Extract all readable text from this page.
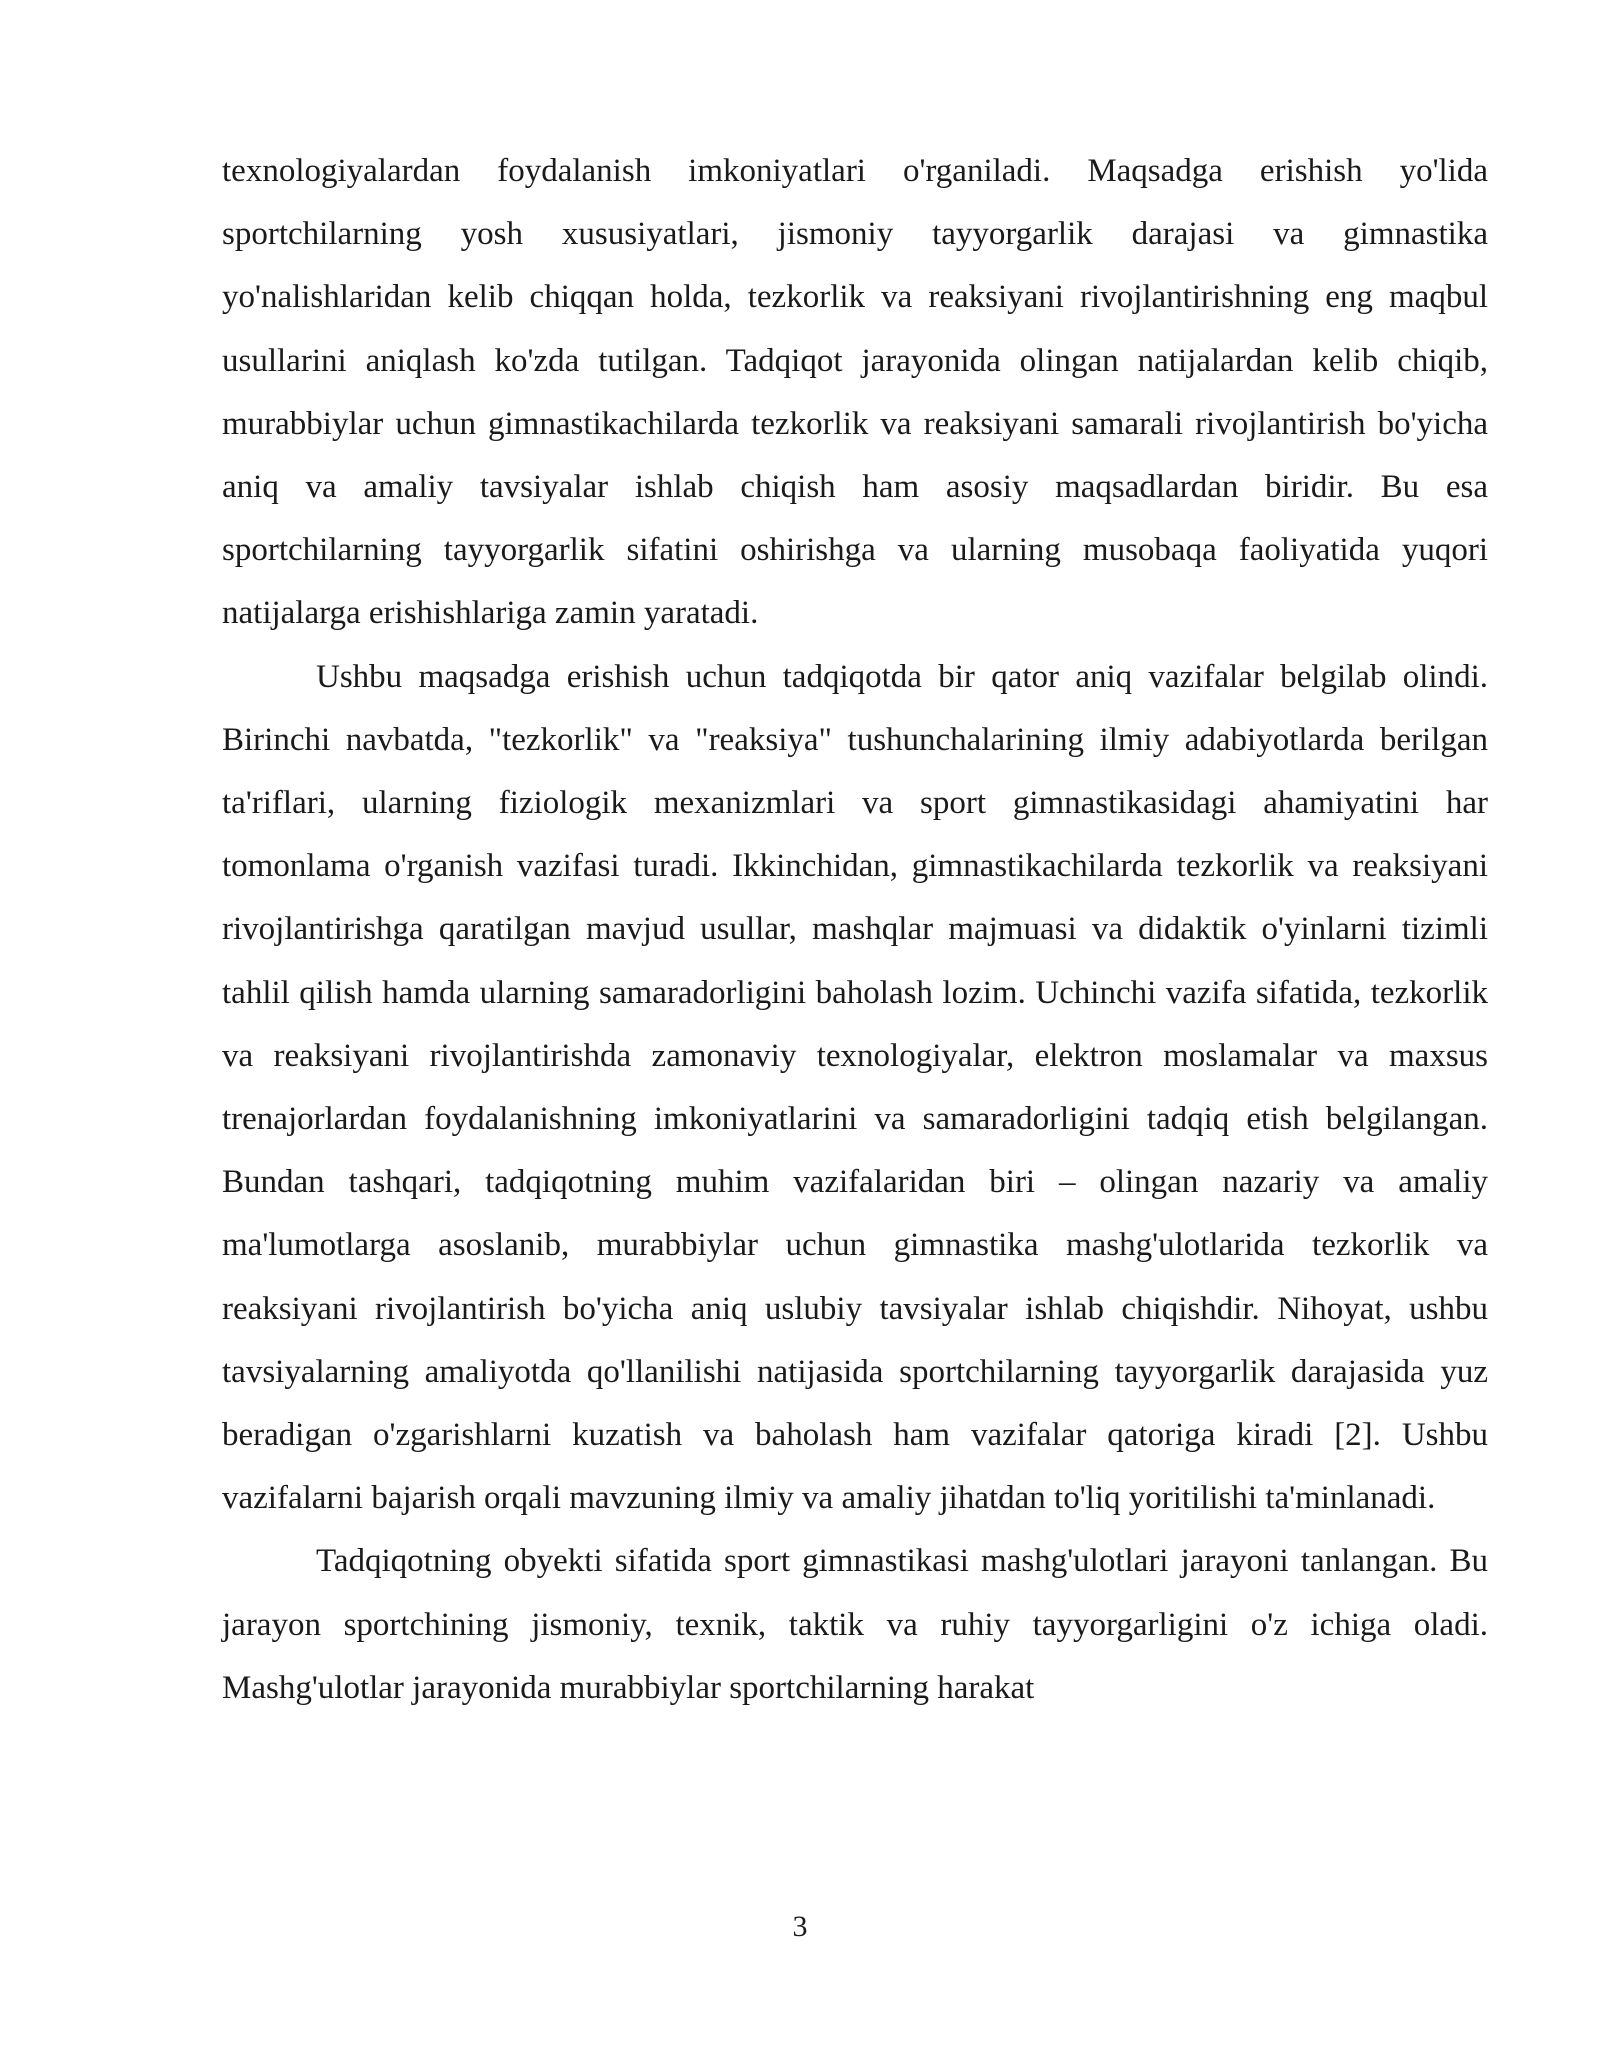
texnologiyalardan foydalanish imkoniyatlari o'rganiladi. Maqsadga erishish yo'lida sportchilarning yosh xususiyatlari, jismoniy tayyorgarlik darajasi va gimnastika yo'nalishlaridan kelib chiqqan holda, tezkorlik va reaksiyani rivojlantirishning eng maqbul usullarini aniqlash ko'zda tutilgan. Tadqiqot jarayonida olingan natijalardan kelib chiqib, murabbiylar uchun gimnastikachilarda tezkorlik va reaksiyani samarali rivojlantirish bo'yicha aniq va amaliy tavsiyalar ishlab chiqish ham asosiy maqsadlardan biridir. Bu esa sportchilarning tayyorgarlik sifatini oshirishga va ularning musobaqa faoliyatida yuqori natijalarga erishishlariga zamin yaratadi.

Ushbu maqsadga erishish uchun tadqiqotda bir qator aniq vazifalar belgilab olindi. Birinchi navbatda, "tezkorlik" va "reaksiya" tushunchalarining ilmiy adabiyotlarda berilgan ta'riflari, ularning fiziologik mexanizmlari va sport gimnastikasidagi ahamiyatini har tomonlama o'rganish vazifasi turadi. Ikkinchidan, gimnastikachilarda tezkorlik va reaksiyani rivojlantirishga qaratilgan mavjud usullar, mashqlar majmuasi va didaktik o'yinlarni tizimli tahlil qilish hamda ularning samaradorligini baholash lozim. Uchinchi vazifa sifatida, tezkorlik va reaksiyani rivojlantirishda zamonaviy texnologiyalar, elektron moslamalar va maxsus trenajorlardan foydalanishning imkoniyatlarini va samaradorligini tadqiq etish belgilangan. Bundan tashqari, tadqiqotning muhim vazifalaridan biri – olingan nazariy va amaliy ma'lumotlarga asoslanib, murabbiylar uchun gimnastika mashg'ulotlarida tezkorlik va reaksiyani rivojlantirish bo'yicha aniq uslubiy tavsiyalar ishlab chiqishdir. Nihoyat, ushbu tavsiyalarning amaliyotda qo'llanilishi natijasida sportchilarning tayyorgarlik darajasida yuz beradigan o'zgarishlarni kuzatish va baholash ham vazifalar qatoriga kiradi [2]. Ushbu vazifalarni bajarish orqali mavzuning ilmiy va amaliy jihatdan to'liq yoritilishi ta'minlanadi.

Tadqiqotning obyekti sifatida sport gimnastikasi mashg'ulotlari jarayoni tanlangan. Bu jarayon sportchining jismoniy, texnik, taktik va ruhiy tayyorgarligini o'z ichiga oladi. Mashg'ulotlar jarayonida murabbiylar sportchilarning harakat

3
